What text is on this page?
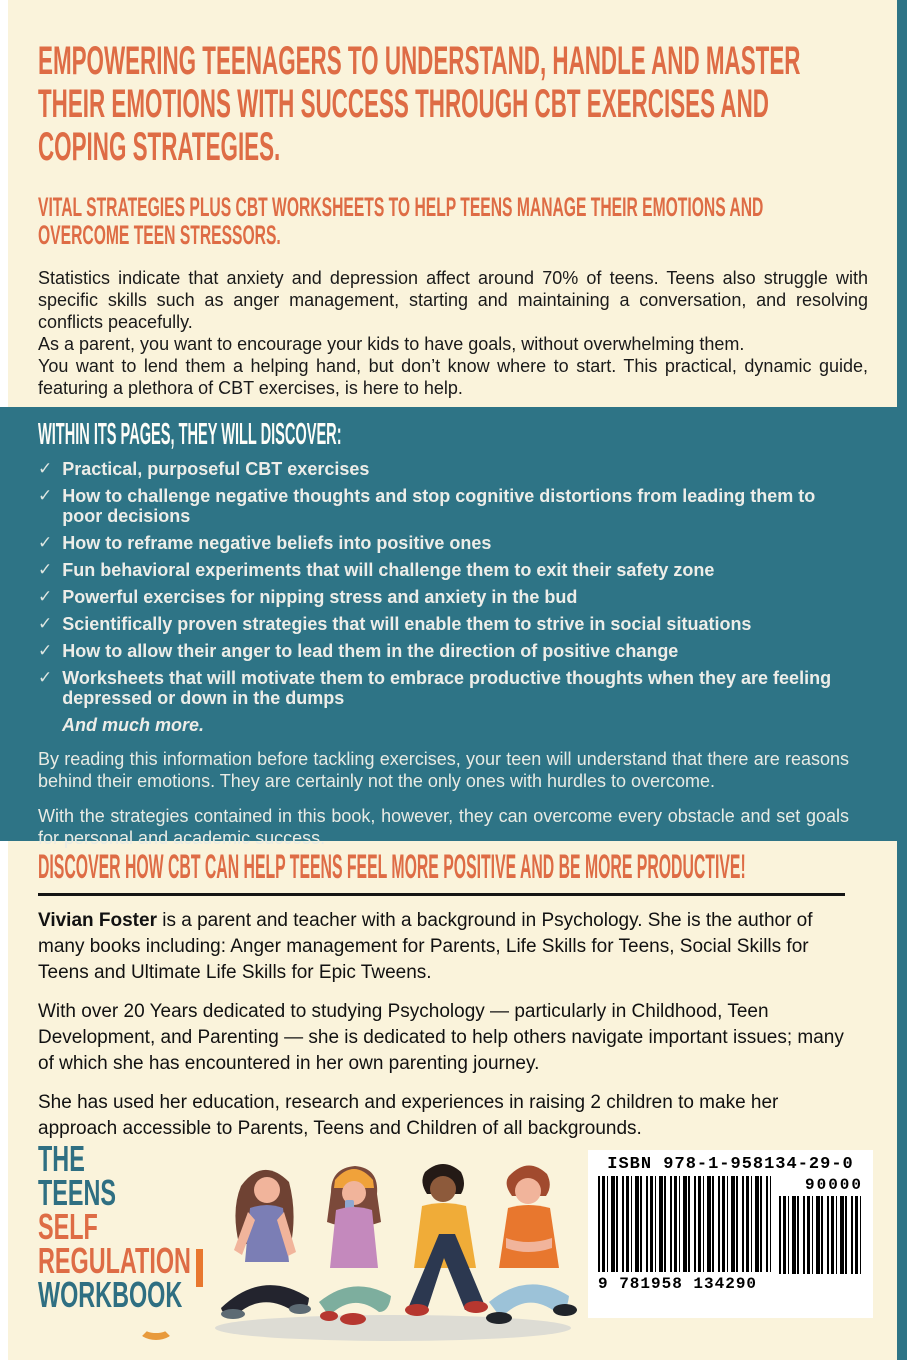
EMPOWERING TEENAGERS TO UNDERSTAND, HANDLE AND MASTER
THEIR EMOTIONS WITH SUCCESS THROUGH CBT EXERCISES AND
COPING STRATEGIES.
VITAL STRATEGIES PLUS CBT WORKSHEETS TO HELP TEENS MANAGE THEIR EMOTIONS AND
OVERCOME TEEN STRESSORS.

Statistics indicate that anxiety and depression affect around 70% of teens. Teens also struggle with specific skills such as anger management, starting and maintaining a conversation, and resolving conflicts peacefully.

As a parent, you want to encourage your kids to have goals, without overwhelming them.

You want to lend them a helping hand, but don’t know where to start. This practical, dynamic guide, featuring a plethora of CBT exercises, is here to help.

WITHIN ITS PAGES, THEY WILL DISCOVER:
✓ Practical, purposeful CBT exercises
✓ How to challenge negative thoughts and stop cognitive distortions from leading them to poor decisions
✓ How to reframe negative beliefs into positive ones
✓ Fun behavioral experiments that will challenge them to exit their safety zone
✓ Powerful exercises for nipping stress and anxiety in the bud
✓ Scientifically proven strategies that will enable them to strive in social situations
✓ How to allow their anger to lead them in the direction of positive change
✓ Worksheets that will motivate them to embrace productive thoughts when they are feeling depressed or down in the dumps
And much more.

By reading this information before tackling exercises, your teen will understand that there are reasons behind their emotions. They are certainly not the only ones with hurdles to overcome.

With the strategies contained in this book, however, they can overcome every obstacle and set goals for personal and academic success.

DISCOVER HOW CBT CAN HELP TEENS FEEL MORE POSITIVE AND BE MORE PRODUCTIVE!

Vivian Foster is a parent and teacher with a background in Psychology. She is the author of many books including: Anger management for Parents, Life Skills for Teens, Social Skills for Teens and Ultimate Life Skills for Epic Tweens.

With over 20 Years dedicated to studying Psychology — particularly in Childhood, Teen Development, and Parenting — she is dedicated to help others navigate important issues; many of which she has encountered in her own parenting journey.

She has used her education, research and experiences in raising 2 children to make her approach accessible to Parents, Teens and Children of all backgrounds.

THE
TEENS
SELF
REGULATION
WORKBOOK
ISBN 978-1-958134-29-0
9 781958 134290
90000
